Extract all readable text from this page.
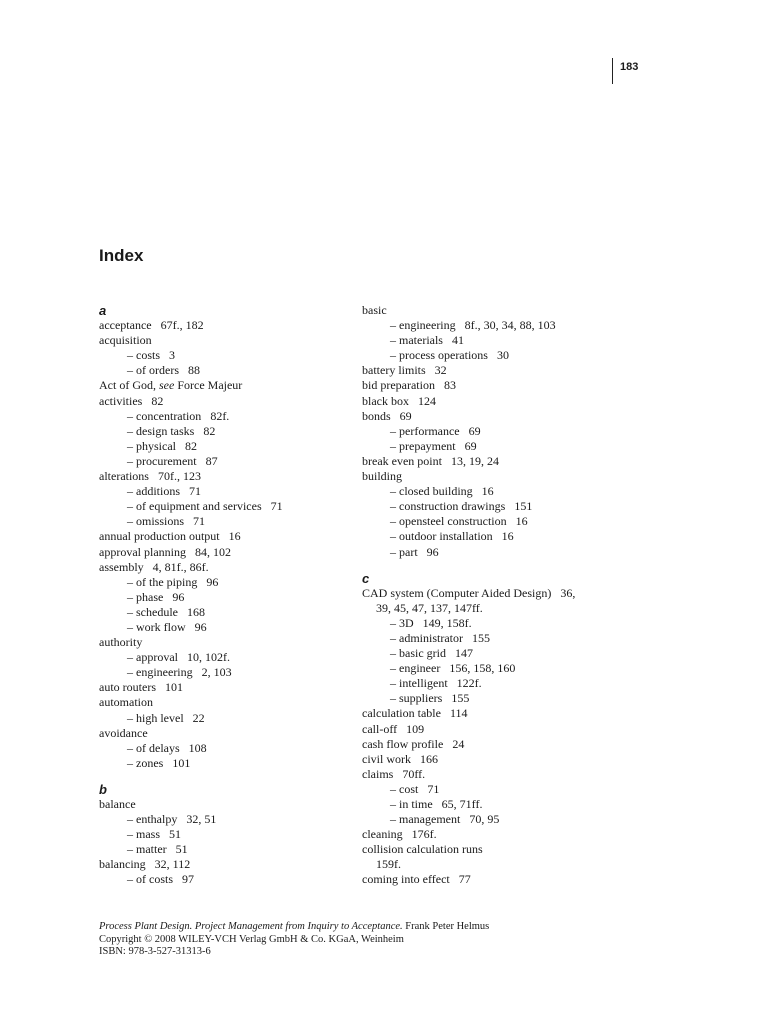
183
Index
a
acceptance 67f., 182
acquisition
– costs 3
– of orders 88
Act of God, see Force Majeur
activities 82
– concentration 82f.
– design tasks 82
– physical 82
– procurement 87
alterations 70f., 123
– additions 71
– of equipment and services 71
– omissions 71
annual production output 16
approval planning 84, 102
assembly 4, 81f., 86f.
– of the piping 96
– phase 96
– schedule 168
– work flow 96
authority
– approval 10, 102f.
– engineering 2, 103
auto routers 101
automation
– high level 22
avoidance
– of delays 108
– zones 101
b
balance
– enthalpy 32, 51
– mass 51
– matter 51
balancing 32, 112
– of costs 97
basic
– engineering 8f., 30, 34, 88, 103
– materials 41
– process operations 30
battery limits 32
bid preparation 83
black box 124
bonds 69
– performance 69
– prepayment 69
break even point 13, 19, 24
building
– closed building 16
– construction drawings 151
– opensteel construction 16
– outdoor installation 16
– part 96
c
CAD system (Computer Aided Design) 36,
39, 45, 47, 137, 147ff.
– 3D 149, 158f.
– administrator 155
– basic grid 147
– engineer 156, 158, 160
– intelligent 122f.
– suppliers 155
calculation table 114
call-off 109
cash flow profile 24
civil work 166
claims 70ff.
– cost 71
– in time 65, 71ff.
– management 70, 95
cleaning 176f.
collision calculation runs
159f.
coming into effect 77
Process Plant Design. Project Management from Inquiry to Acceptance. Frank Peter Helmus
Copyright © 2008 WILEY-VCH Verlag GmbH & Co. KGaA, Weinheim
ISBN: 978-3-527-31313-6
